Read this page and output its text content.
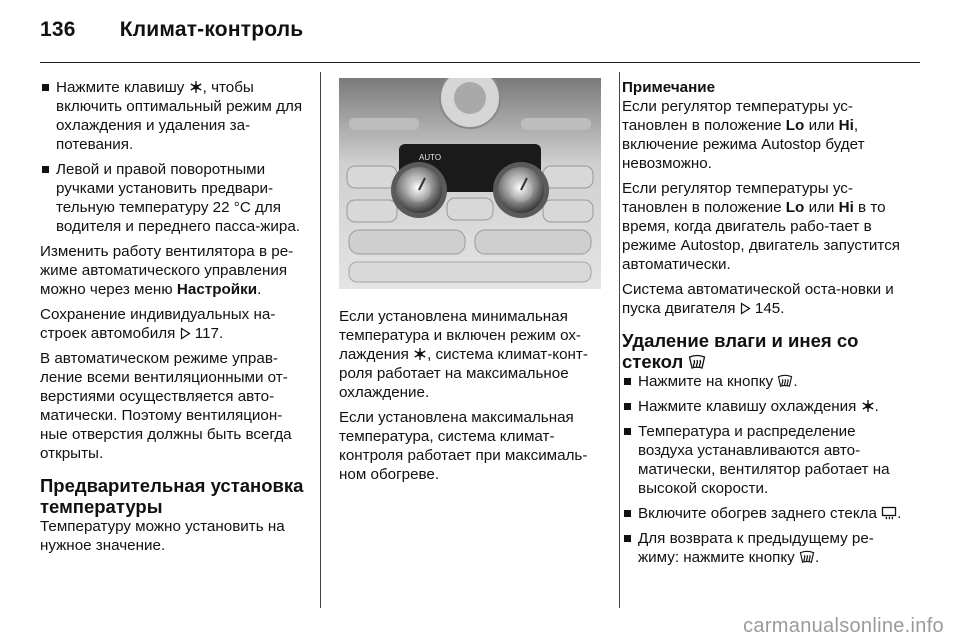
136 Климат-контроль
Нажмите клавишу , чтобы включить оптимальный режим для охлаждения и удаления за-потевания.
Левой и правой поворотными ручками установить предвари-тельную температуру 22 °C для водителя и переднего пасса-жира.

Изменить работу вентилятора в ре-жиме автоматического управления можно через меню Настройки.

Сохранение индивидуальных на-строек автомобиля  117.

В автоматическом режиме управ-ление всеми вентиляционными от-верстиями осуществляется авто-матически. Поэтому вентиляцион-ные отверстия должны быть всегда открыты.

Предварительная установка температуры

Температуру можно установить на нужное значение.

AUTO

Если установлена минимальная температура и включен режим ох-лаждения , система климат-конт-роля работает на максимальное охлаждение.

Если установлена максимальная температура, система климат-контроля работает при максималь-ном обогреве.

Примечание

Если регулятор температуры ус-тановлен в положение Lo или Hi, включение режима Autostop будет невозможно.

Если регулятор температуры ус-тановлен в положение Lo или Hi в то время, когда двигатель рабо-тает в режиме Autostop, двигатель запустится автоматически.

Система автоматической оста-новки и пуска двигателя  145.

Удаление влаги и инея со стекол
Нажмите на кнопку .
Нажмите клавишу охлаждения .
Температура и распределение воздуха устанавливаются авто-матически, вентилятор работает на высокой скорости.
Включите обогрев заднего стекла .
Для возврата к предыдущему ре-жиму: нажмите кнопку .
carmanualsonline.info
